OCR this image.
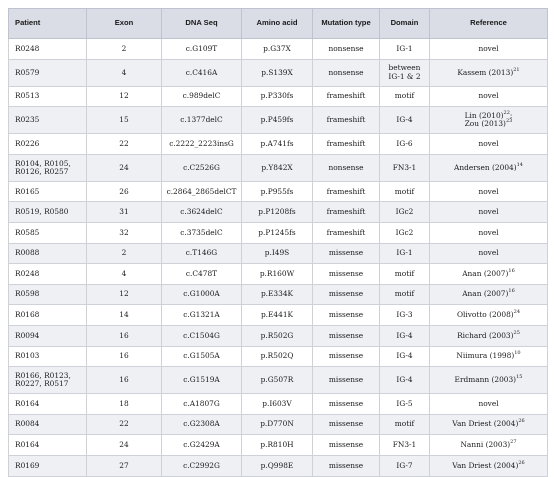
Patient	Exon	DNA Seq	Amino acid	Mutation type	Domain	Reference
R0248	2	c.G109T	p.G37X	nonsense	IG-1	novel
R0579	4	c.C416A	p.S139X	nonsense	between
IG-1 & 2	Kassem $(2013)^{21}$
R0513	12	c.989delC	p.P330fs	frameshift	motif	novel
R0235	15	c.1377delC	p.P459fs	frameshift	IG-4	Lin $(2010)^{22}$;
Zou $(2013)^{23}$
R0226	22	c.2222_2223insG	p.A741fs	frameshift	IG-6	novel
R0104, R0105,
R0126, R0257	24	c.C2526G	p.Y842X	nonsense	FN3-1	Andersen $(2004)^{14}$
R0165	26	c.2864_2865delCT	p.P955fs	frameshift	motif	novel
R0519, R0580	31	c.3624delC	p.P1208fs	frameshift	IGc2	novel
R0585	32	c.3735delC	p.P1245fs	frameshift	IGc2	novel
R0088	2	c.T146G	p.I49S	missense	IG-1	novel
R0248	4	c.C478T	p.R160W	missense	motif	Anan $(2007)^{16}$
R0598	12	c.G1000A	p.E334K	missense	motif	Anan $(2007)^{16}$
R0168	14	c.G1321A	p.E441K	missense	IG-3	Olivotto $(2008)^{24}$
R0094	16	c.C1504G	p.R502G	missense	IG-4	Richard $(2003)^{25}$
R0103	16	c.G1505A	p.R502Q	missense	IG-4	Niimura $(1998)^{10}$
R0166, R0123,
R0227, R0517	16	c.G1519A	p.G507R	missense	IG-4	Erdmann $(2003)^{15}$
R0164	18	c.A1807G	p.I603V	missense	IG-5	novel
R0084	22	c.G2308A	p.D770N	missense	motif	Van Driest $(2004)^{26}$
R0164	24	c.G2429A	p.R810H	missense	FN3-1	Nanni $(2003)^{27}$
R0169	27	c.C2992G	p.Q998E	missense	IG-7	Van Driest $(2004)^{26}$
